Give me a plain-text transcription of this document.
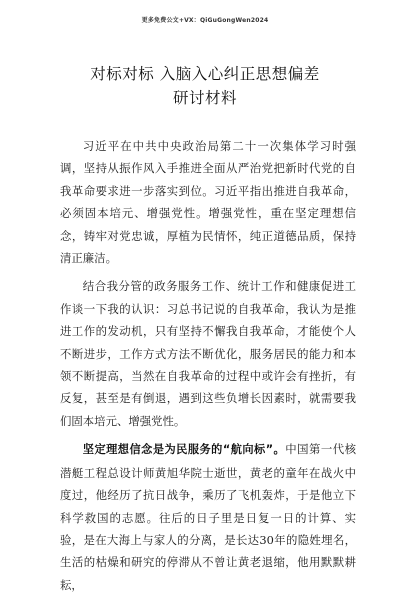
更多免费公文+VX：QiGuGongWen2024
对标对标 入脑入心纠正思想偏差
研讨材料

习近平在中共中央政治局第二十一次集体学习时强调，坚持从振作风入手推进全面从严治党把新时代党的自我革命要求进一步落实到位。习近平指出推进自我革命，必须固本培元、增强党性。增强党性，重在坚定理想信念，铸牢对党忠诚，厚植为民情怀，纯正道德品质，保持清正廉洁。

结合我分管的政务服务工作、统计工作和健康促进工作谈一下我的认识：习总书记说的自我革命，我认为是推进工作的发动机，只有坚持不懈我自我革命，才能使个人不断进步，工作方式方法不断优化，服务居民的能力和本领不断提高，当然在自我革命的过程中或许会有挫折，有反复，甚至是有倒退，遇到这些负增长因素时，就需要我们固本培元、增强党性。

坚定理想信念是为民服务的“航向标”。中国第一代核潜艇工程总设计师黄旭华院士逝世，黄老的童年在战火中度过，他经历了抗日战争，乘历了飞机轰炸，于是他立下科学救国的志愿。往后的日子里是日复一日的计算、实验，是在大海上与家人的分离，是长达30年的隐姓埋名，生活的枯燥和研究的停滞从不曾让黄老退缩，他用默默耕耘，
